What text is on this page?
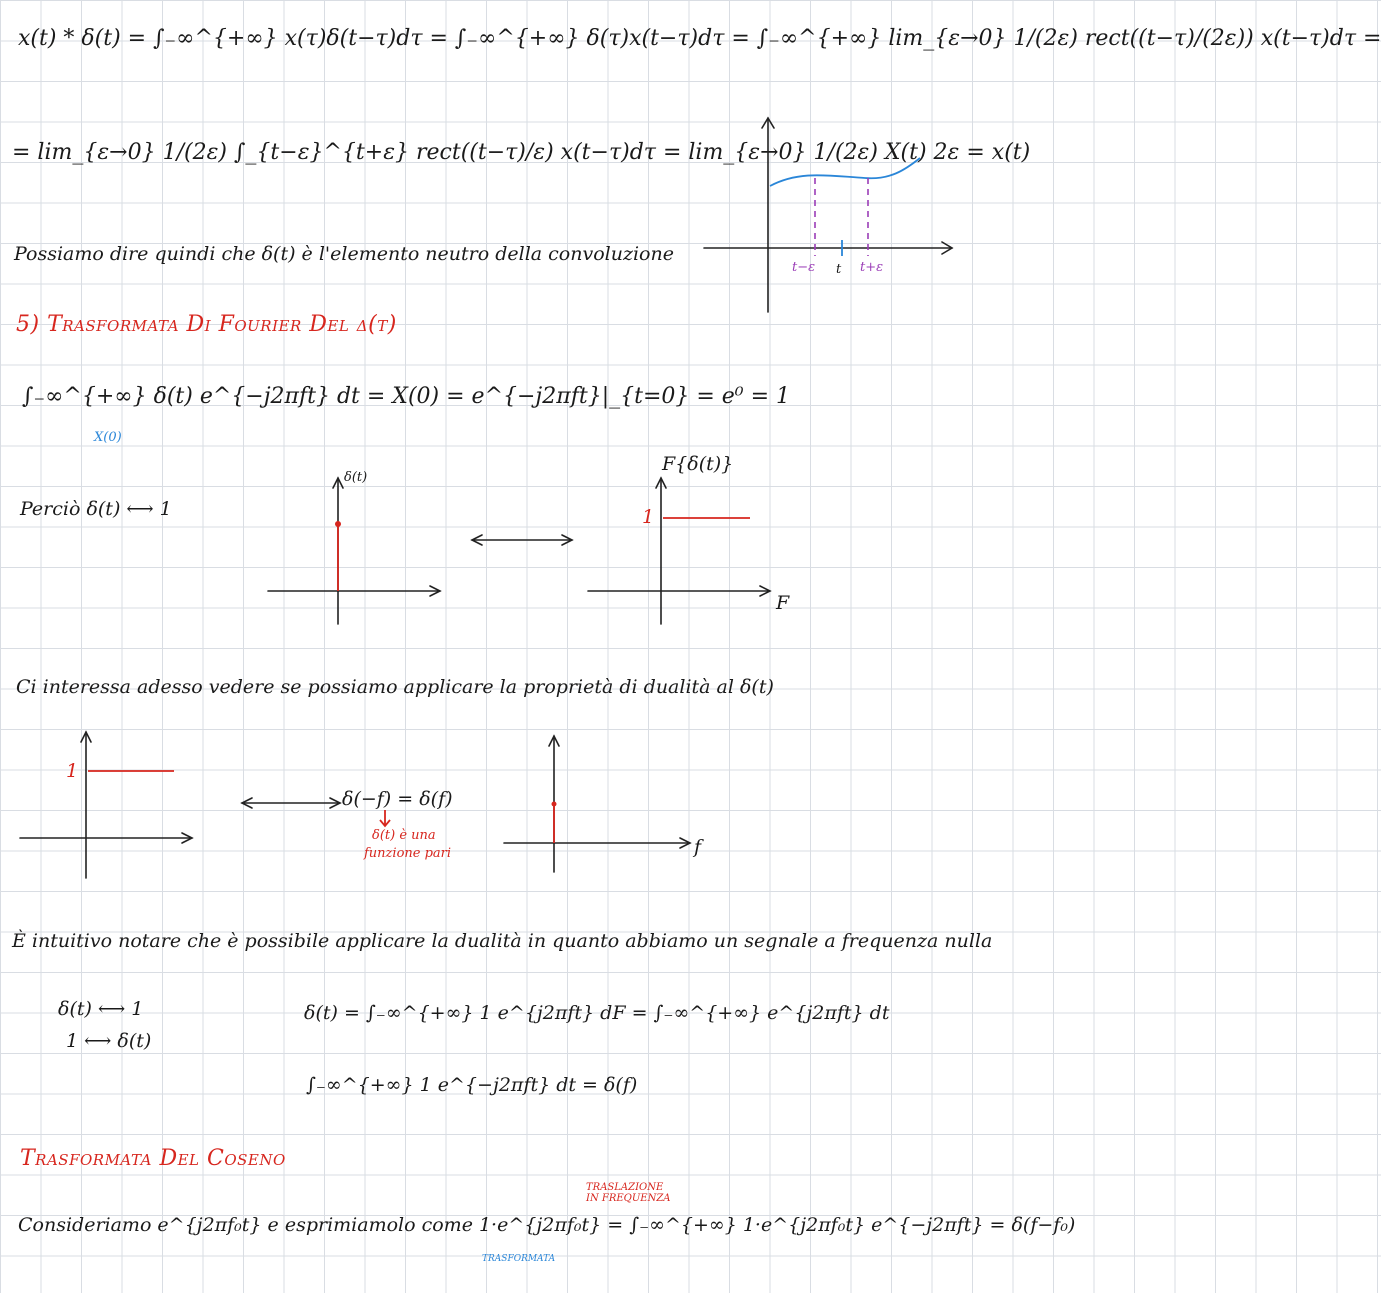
x(t) * δ(t) = ∫₋∞^{+∞} x(τ)δ(t−τ)dτ = ∫₋∞^{+∞} δ(τ)x(t−τ)dτ = ∫₋∞^{+∞} lim_{ε→0} 1/(2ε) rect((t−τ)/(2ε)) x(t−τ)dτ =
= lim_{ε→0} 1/(2ε) ∫_{t−ε}^{t+ε} rect((t−τ)/ε) x(t−τ)dτ = lim_{ε→0} 1/(2ε) X(t) 2ε = x(t)
Possiamo dire quindi che δ(t) è l'elemento neutro della convoluzione
t−ε t t+ε
5) Trasformata Di Fourier Del δ(t)
∫₋∞^{+∞} δ(t) e^{−j2πft} dt = X(0) = e^{−j2πft}|_{t=0} = e⁰ = 1
X(0)
Perciò δ(t) ⟷ 1
δ(t)
F{δ(t)}
1
F
Ci interessa adesso vedere se possiamo applicare la proprietà di dualità al δ(t)
1
δ(−f) = δ(f)
δ(t) è una
funzione pari	f
È intuitivo notare che è possibile applicare la dualità in quanto abbiamo un segnale a frequenza nulla
δ(t) ⟷ 1
1 ⟷ δ(t)
δ(t) = ∫₋∞^{+∞} 1 e^{j2πft} dF = ∫₋∞^{+∞} e^{j2πft} dt
∫₋∞^{+∞} 1 e^{−j2πft} dt = δ(f)
Trasformata Del Coseno
Consideriamo e^{j2πf₀t} e esprimiamolo come 1·e^{j2πf₀t} = ∫₋∞^{+∞} 1·e^{j2πf₀t} e^{−j2πft} = δ(f−f₀)
TRASLAZIONE IN FREQUENZA
TRASFORMATA
